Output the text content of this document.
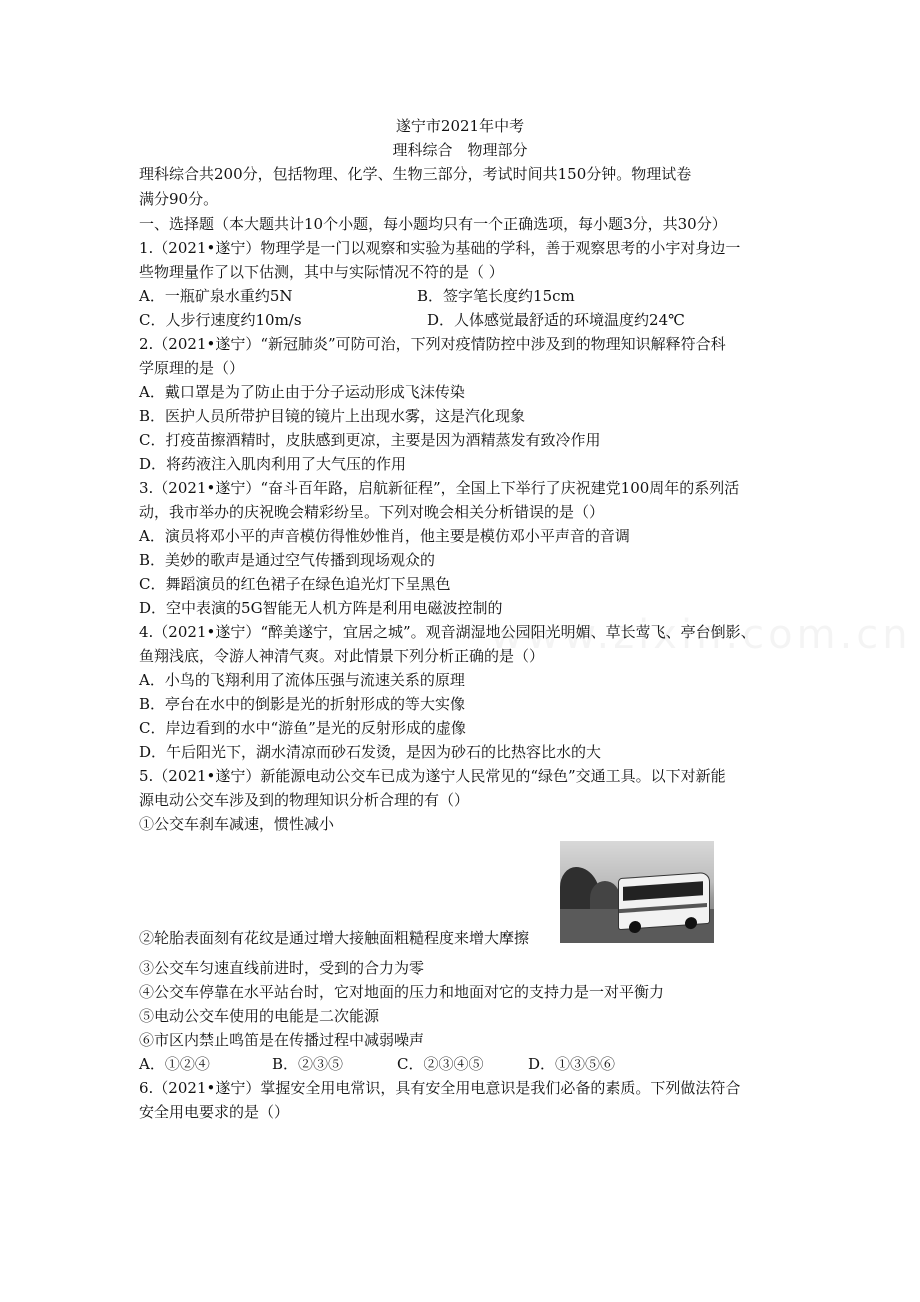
遂宁市2021年中考
理科综合　物理部分
理科综合共200分，包括物理、化学、生物三部分，考试时间共150分钟。物理试卷
满分90分。
一、选择题（本大题共计10个小题，每小题均只有一个正确选项，每小题3分，共30分）
1.（2021•遂宁）物理学是一门以观察和实验为基础的学科，善于观察思考的小宇对身边一
些物理量作了以下估测，其中与实际情况不符的是（ ）
A．一瓶矿泉水重约5N	B．签字笔长度约15cm
C．人步行速度约10m/s	D．人体感觉最舒适的环境温度约24℃
2.（2021•遂宁）“新冠肺炎”可防可治，下列对疫情防控中涉及到的物理知识解释符合科
学原理的是（）
A．戴口罩是为了防止由于分子运动形成飞沫传染
B．医护人员所带护目镜的镜片上出现水雾，这是汽化现象
C．打疫苗擦酒精时，皮肤感到更凉，主要是因为酒精蒸发有致冷作用
D．将药液注入肌肉利用了大气压的作用
3.（2021•遂宁）“奋斗百年路，启航新征程”，全国上下举行了庆祝建党100周年的系列活
动，我市举办的庆祝晚会精彩纷呈。下列对晚会相关分析错误的是（）
A．演员将邓小平的声音模仿得惟妙惟肖，他主要是模仿邓小平声音的音调
B．美妙的歌声是通过空气传播到现场观众的
C．舞蹈演员的红色裙子在绿色追光灯下呈黑色
D．空中表演的5G智能无人机方阵是利用电磁波控制的
4.（2021•遂宁）“醉美遂宁，宜居之城”。观音湖湿地公园阳光明媚、草长莺飞、亭台倒影、
鱼翔浅底，令游人神清气爽。对此情景下列分析正确的是（）
A．小鸟的飞翔利用了流体压强与流速关系的原理
B．亭台在水中的倒影是光的折射形成的等大实像
C．岸边看到的水中“游鱼”是光的反射形成的虚像
D．午后阳光下，湖水清凉而砂石发烫，是因为砂石的比热容比水的大
5.（2021•遂宁）新能源电动公交车已成为遂宁人民常见的“绿色”交通工具。以下对新能
源电动公交车涉及到的物理知识分析合理的有（）
①公交车刹车减速，惯性减小
②轮胎表面刻有花纹是通过增大接触面粗糙程度来增大摩擦
③公交车匀速直线前进时，受到的合力为零
④公交车停靠在水平站台时，它对地面的压力和地面对它的支持力是一对平衡力
⑤电动公交车使用的电能是二次能源
⑥市区内禁止鸣笛是在传播过程中减弱噪声
A．①②④	B．②③⑤	C．②③④⑤	D．①③⑤⑥
6.（2021•遂宁）掌握安全用电常识，具有安全用电意识是我们必备的素质。下列做法符合
安全用电要求的是（）
